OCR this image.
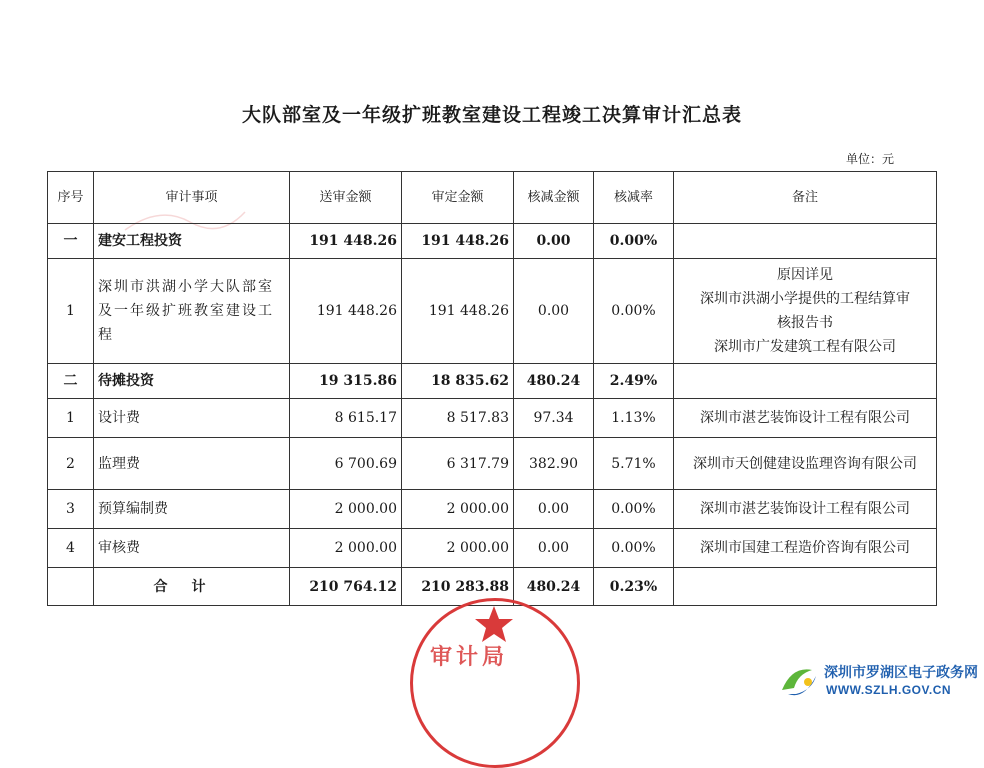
大队部室及一年级扩班教室建设工程竣工决算审计汇总表
单位：元
序号	审计事项	送审金额	审定金额	核减金额	核减率	备注
一	建安工程投资	191 448.26	191 448.26	0.00	0.00%	
1	深圳市洪湖小学大队部室及一年级扩班教室建设工程	191 448.26	191 448.26	0.00	0.00%	原因详见
深圳市洪湖小学提供的工程结算审
核报告书
深圳市广发建筑工程有限公司

二	待摊投资	19 315.86	18 835.62	480.24	2.49%	
1	设计费	8 615.17	8 517.83	97.34	1.13%	深圳市湛艺装饰设计工程有限公司
2	监理费	6 700.69	6 317.79	382.90	5.71%	深圳市天创健建设监理咨询有限公司
3	预算编制费	2 000.00	2 000.00	0.00	0.00%	深圳市湛艺装饰设计工程有限公司
4	审核费	2 000.00	2 000.00	0.00	0.00%	深圳市国建工程造价咨询有限公司
	合计	210 764.12	210 283.88	480.24	0.23%	
审计局
深圳市罗湖区电子政务网
WWW.SZLH.GOV.CN
